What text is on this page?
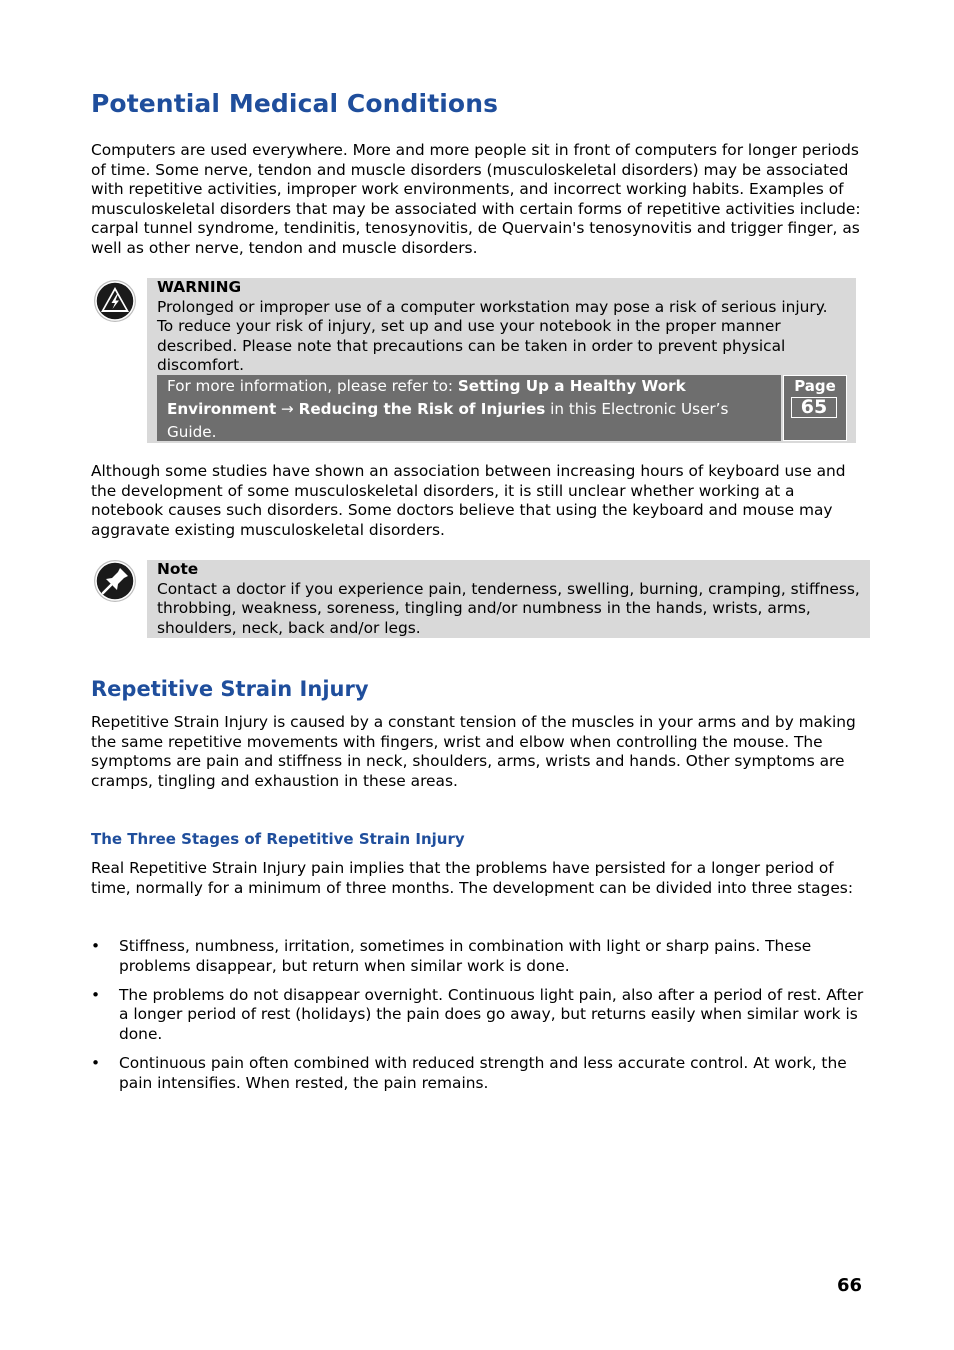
Potential Medical Conditions

Computers are used everywhere. More and more people sit in front of computers for longer periods of time. Some nerve, tendon and muscle disorders (musculoskeletal disorders) may be associated with repetitive activities, improper work environments, and incorrect working habits. Examples of musculoskeletal disorders that may be associated with certain forms of repetitive activities include: carpal tunnel syndrome, tendinitis, tenosynovitis, de Quervain's tenosynovitis and trigger finger, as well as other nerve, tendon and muscle disorders.

WARNING
Prolonged or improper use of a computer workstation may pose a risk of serious injury. To reduce your risk of injury, set up and use your notebook in the proper manner described. Please note that precautions can be taken in order to prevent physical discomfort.
For more information, please refer to: Setting Up a Healthy Work Environment → Reducing the Risk of Injuries in this Electronic User’s Guide.
Page
65

Although some studies have shown an association between increasing hours of keyboard use and the development of some musculoskeletal disorders, it is still unclear whether working at a notebook causes such disorders. Some doctors believe that using the keyboard and mouse may aggravate existing musculoskeletal disorders.

Note
Contact a doctor if you experience pain, tenderness, swelling, burning, cramping, stiffness, throbbing, weakness, soreness, tingling and/or numbness in the hands, wrists, arms, shoulders, neck, back and/or legs.
Repetitive Strain Injury

Repetitive Strain Injury is caused by a constant tension of the muscles in your arms and by making the same repetitive movements with fingers, wrist and elbow when controlling the mouse. The symptoms are pain and stiffness in neck, shoulders, arms, wrists and hands. Other symptoms are cramps, tingling and exhaustion in these areas.

The Three Stages of Repetitive Strain Injury

Real Repetitive Strain Injury pain implies that the problems have persisted for a longer period of time, normally for a minimum of three months. The development can be divided into three stages:

•	Stiffness, numbness, irritation, sometimes in combination with light or sharp pains. These problems disappear, but return when similar work is done.
•	The problems do not disappear overnight. Continuous light pain, also after a period of rest. After a longer period of rest (holidays) the pain does go away, but returns easily when similar work is done.
•	Continuous pain often combined with reduced strength and less accurate control. At work, the pain intensifies. When rested, the pain remains.
66
